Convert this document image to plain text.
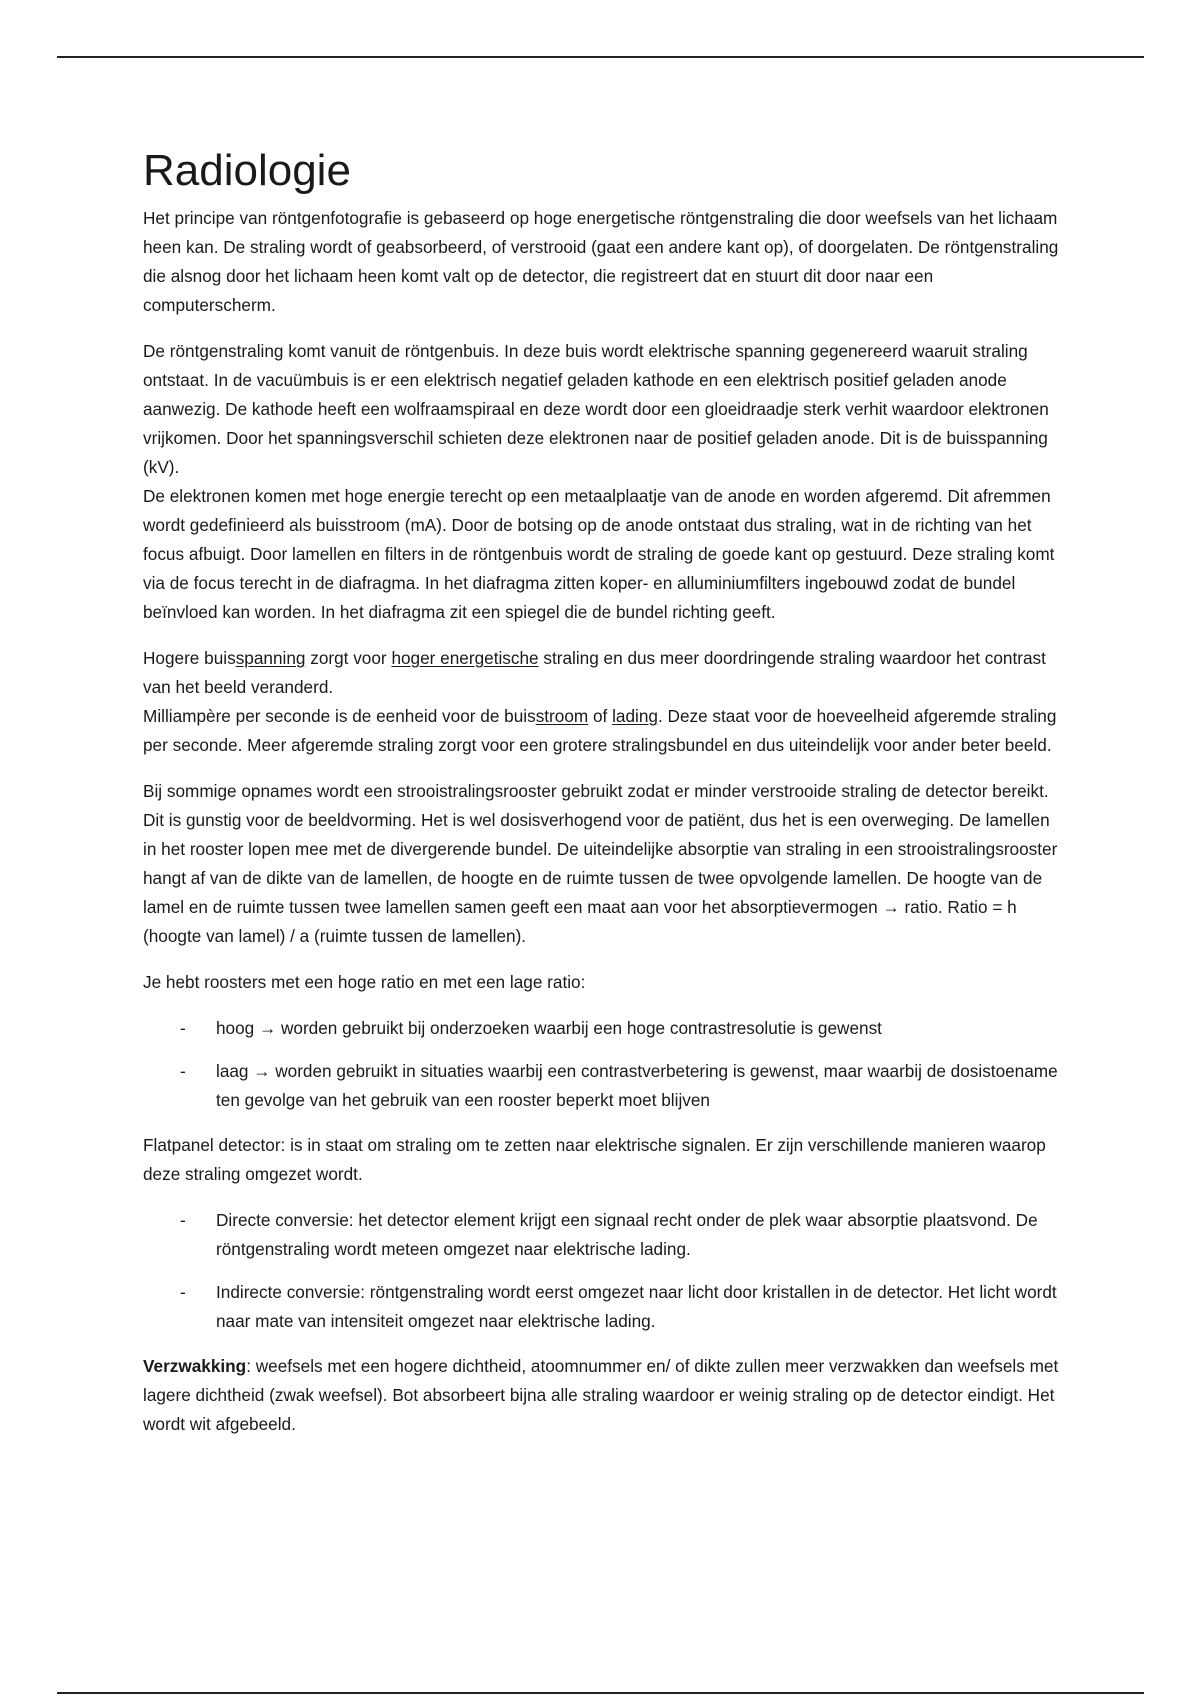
Radiologie

Het principe van röntgenfotografie is gebaseerd op hoge energetische röntgenstraling die door weefsels van het lichaam heen kan. De straling wordt of geabsorbeerd, of verstrooid (gaat een andere kant op), of doorgelaten. De röntgenstraling die alsnog door het lichaam heen komt valt op de detector, die registreert dat en stuurt dit door naar een computerscherm.

De röntgenstraling komt vanuit de röntgenbuis. In deze buis wordt elektrische spanning gegenereerd waaruit straling ontstaat. In de vacuümbuis is er een elektrisch negatief geladen kathode en een elektrisch positief geladen anode aanwezig. De kathode heeft een wolfraamspiraal en deze wordt door een gloeidraadje sterk verhit waardoor elektronen vrijkomen. Door het spanningsverschil schieten deze elektronen naar de positief geladen anode. Dit is de buisspanning (kV).

De elektronen komen met hoge energie terecht op een metaalplaatje van de anode en worden afgeremd. Dit afremmen wordt gedefinieerd als buisstroom (mA). Door de botsing op de anode ontstaat dus straling, wat in de richting van het focus afbuigt. Door lamellen en filters in de röntgenbuis wordt de straling de goede kant op gestuurd. Deze straling komt via de focus terecht in de diafragma. In het diafragma zitten koper- en alluminiumfilters ingebouwd zodat de bundel beïnvloed kan worden. In het diafragma zit een spiegel die de bundel richting geeft.

Hogere buisspanning zorgt voor hoger energetische straling en dus meer doordringende straling waardoor het contrast van het beeld veranderd.

Milliampère per seconde is de eenheid voor de buisstroom of lading. Deze staat voor de hoeveelheid afgeremde straling per seconde. Meer afgeremde straling zorgt voor een grotere stralingsbundel en dus uiteindelijk voor ander beter beeld.

Bij sommige opnames wordt een strooistralingsrooster gebruikt zodat er minder verstrooide straling de detector bereikt. Dit is gunstig voor de beeldvorming. Het is wel dosisverhogend voor de patiënt, dus het is een overweging. De lamellen in het rooster lopen mee met de divergerende bundel. De uiteindelijke absorptie van straling in een strooistralingsrooster hangt af van de dikte van de lamellen, de hoogte en de ruimte tussen de twee opvolgende lamellen. De hoogte van de lamel en de ruimte tussen twee lamellen samen geeft een maat aan voor het absorptievermogen → ratio. Ratio = h (hoogte van lamel) / a (ruimte tussen de lamellen).

Je hebt roosters met een hoge ratio en met een lage ratio:

- hoog → worden gebruikt bij onderzoeken waarbij een hoge contrastresolutie is gewenst
- laag → worden gebruikt in situaties waarbij een contrastverbetering is gewenst, maar waarbij de dosistoename ten gevolge van het gebruik van een rooster beperkt moet blijven

Flatpanel detector: is in staat om straling om te zetten naar elektrische signalen. Er zijn verschillende manieren waarop deze straling omgezet wordt.

- Directe conversie: het detector element krijgt een signaal recht onder de plek waar absorptie plaatsvond. De röntgenstraling wordt meteen omgezet naar elektrische lading.
- Indirecte conversie: röntgenstraling wordt eerst omgezet naar licht door kristallen in de detector. Het licht wordt naar mate van intensiteit omgezet naar elektrische lading.

Verzwakking: weefsels met een hogere dichtheid, atoomnummer en/ of dikte zullen meer verzwakken dan weefsels met lagere dichtheid (zwak weefsel). Bot absorbeert bijna alle straling waardoor er weinig straling op de detector eindigt. Het wordt wit afgebeeld.
